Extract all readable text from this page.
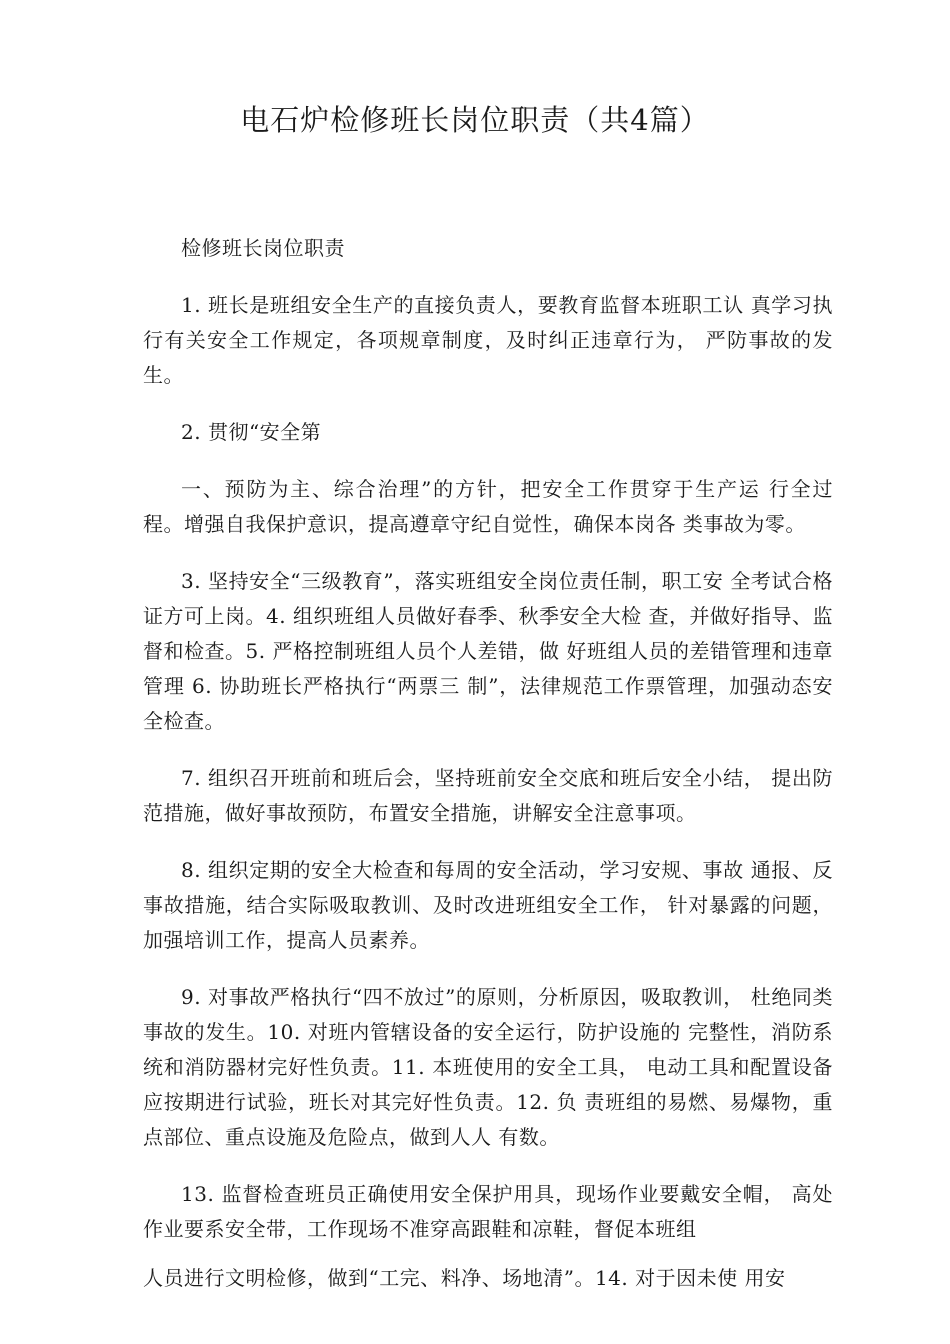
电石炉检修班长岗位职责（共4篇）

检修班长岗位职责

1. 班长是班组安全生产的直接负责人，要教育监督本班职工认 真学习执行有关安全工作规定，各项规章制度，及时纠正违章行为， 严防事故的发生。

2. 贯彻“安全第

一、预防为主、综合治理”的方针，把安全工作贯穿于生产运 行全过程。增强自我保护意识，提高遵章守纪自觉性，确保本岗各 类事故为零。

3. 坚持安全“三级教育”，落实班组安全岗位责任制，职工安 全考试合格证方可上岗。4. 组织班组人员做好春季、秋季安全大检 查，并做好指导、监督和检查。5. 严格控制班组人员个人差错，做 好班组人员的差错管理和违章管理 6. 协助班长严格执行“两票三 制”，法律规范工作票管理，加强动态安全检查。

7. 组织召开班前和班后会，坚持班前安全交底和班后安全小结， 提出防范措施，做好事故预防，布置安全措施，讲解安全注意事项。

8. 组织定期的安全大检查和每周的安全活动，学习安规、事故 通报、反事故措施，结合实际吸取教训、及时改进班组安全工作， 针对暴露的问题，加强培训工作，提高人员素养。

9. 对事故严格执行“四不放过”的原则，分析原因，吸取教训， 杜绝同类事故的发生。10. 对班内管辖设备的安全运行，防护设施的 完整性，消防系统和消防器材完好性负责。11. 本班使用的安全工具， 电动工具和配置设备应按期进行试验，班长对其完好性负责。12. 负 责班组的易燃、易爆物，重点部位、重点设施及危险点，做到人人 有数。

13. 监督检查班员正确使用安全保护用具，现场作业要戴安全帽， 高处作业要系安全带，工作现场不准穿高跟鞋和凉鞋，督促本班组

人员进行文明检修，做到“工完、料净、场地清”。14. 对于因未使 用安
